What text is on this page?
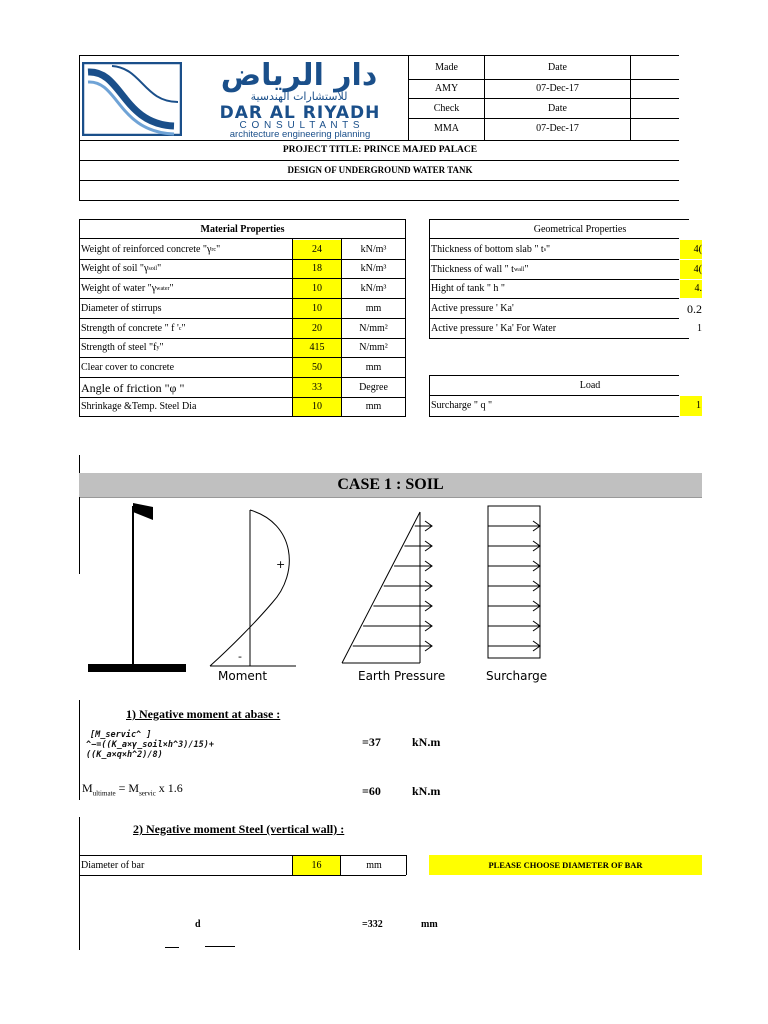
دار الرياض
للاستشارات الهندسية
DAR AL RIYADH
C O N S U L T A N T S
architecture engineering planning
Made	Date
AMY	07-Dec-17
Check	Date
MMA	07-Dec-17
PROJECT TITLE: PRINCE MAJED PALACE
DESIGN OF UNDERGROUND WATER TANK
Material Properties
Weight of reinforced concrete "γ rc "	24	kN/m³
Weight of soil "γ soil "	18	kN/m³
Weight of water "γ water "	10	kN/m³
Diameter of stirrups	10	mm
Strength of concrete " f ' c "	20	N/mm²
Strength of steel "f y "	415	N/mm²
Clear cover to concrete	50	mm
Angle of friction "φ "	33	Degree
Shrinkage &Temp. Steel Dia	10	mm
Geometrical Properties
Thickness of bottom slab " t s "	4(
Thickness of wall " t wall "	4(
Hight of tank " h "	4.
Active pressure ' Ka'	0.2
Active pressure ' Ka' For Water	1
Load
Surcharge " q "	1
CASE 1 : SOIL
+
-
Moment	Earth Pressure	Surcharge
1) Negative moment at abase :
[M_servic^ ]
^−=((K_a×γ_soil×h^3)/15)+
((K_a×q×h^2)/8)
=37	kN.m
$M_{ultimate} = M_{servic}$ x 1.6	=60	kN.m
2) Negative moment Steel (vertical wall) :
Diameter of bar	16	mm	PLEASE CHOOSE DIAMETER OF BAR
d	=332	mm
